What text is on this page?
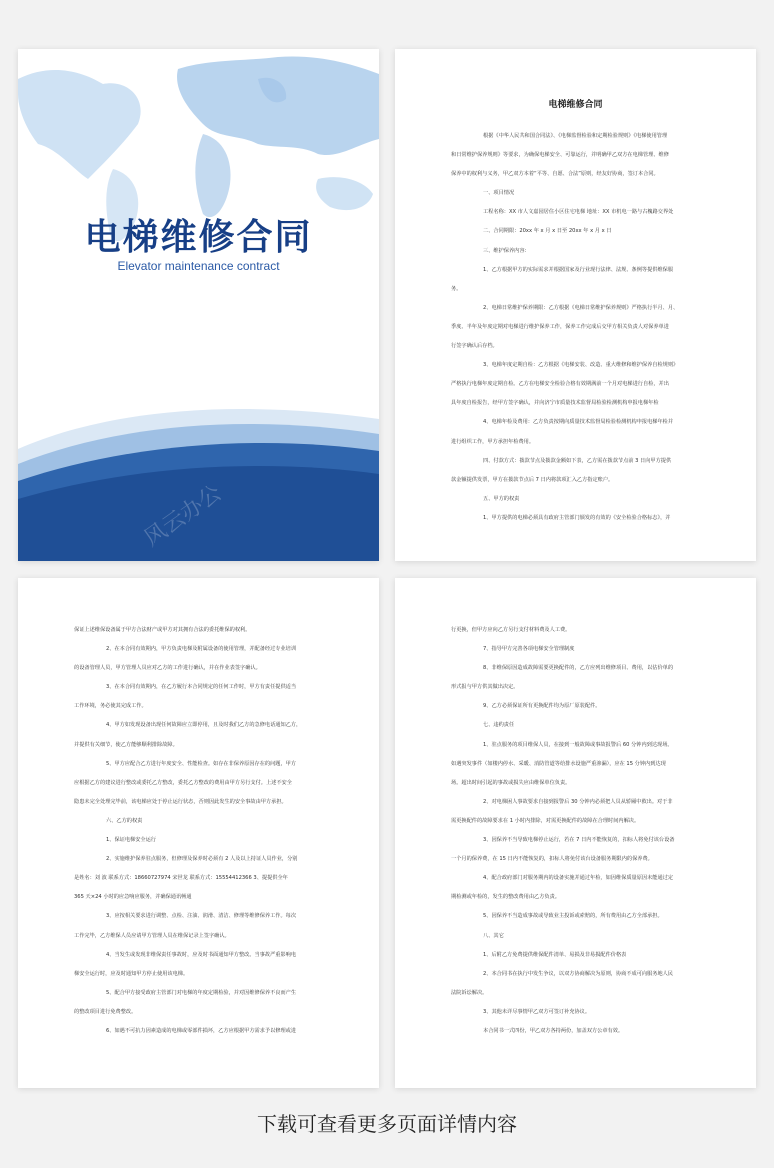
电梯维修合同

Elevator maintenance contract

风云办公
电梯维修合同
根据《中华人民共和国合同法》、《电梯监督检验和定期检验规则》《电梯使用管理
和日常维护保养规则》等要求，为确保电梯安全、可靠运行，并明确甲乙双方在电梯管理、维修
保养中的权利与义务，甲乙双方本着“平等、自愿、合法”原则，经友好协商，签订本合同。
一、项目情况
工程名称：XX 市人文嘉园居住小区住宅电梯 地址：XX 市机电一路与古槐路交界处
二、合同期限：20xx 年 x 月 x 日至 20xx 年 x 月 x 日
三、维护保养内容：
1、乙方根据甲方的实际需求并根据国家及行业现行法律、法规、条例等提供维保服
务。
2、电梯日常维护保养期限：乙方根据《电梯日常维护保养规则》严格执行半月、月、
季度、半年及年度定期对电梯进行维护保养工作，保养工作完成后交甲方相关负责人对保养单进
行签字确认后存档。
3、电梯年度定期自检：乙方根据《电梯安装、改造、重大维修和维护保养自检规则》
严格执行电梯年度定期自检。乙方在电梯安全检验合格有效期满前一个月对电梯进行自检，并出
具年度自检报告，经甲方签字确认，并向济宁市质量技术监督局检验检测机构申报电梯年检
4、电梯年检及费用：乙方负责按期向质量技术监督局检验检测机构申报电梯年检并
进行组织工作，甲方承担年检费用。
四、付款方式：拨款节点及拨款金额如下表，乙方需在拨款节点前 3 日向甲方提供
款金额提供发票，甲方在拨款节点后 7 日内将款项汇入乙方指定账户。
五、甲方的权责
1、甲方提供的电梯必须具有政府主管部门颁发的有效的《安全检验合格标志》，并
保证上述维保设备属于甲方合法财产或甲方对其拥有合法的委托维保的权利。
2、在本合同有效期内，甲方负责电梯及附属设备的使用管理，并配备经过专业培训
的设备管理人员，甲方管理人员应对乙方的工作进行确认，并在作业表签字确认。
3、在本合同有效期内，在乙方履行本合同规定的任何工作时，甲方有责任提供适当
工作环境，务必使其完成工作。
4、甲方如发现设备出现任何故障应立即停用，且及时我们乙方的急修电话通知乙方，
并提供有关细节，使乙方能够顺利排除故障。
5、甲方应配合乙方进行年度安全、性能检查。如存在非保养原因存在的问题，甲方
应根据乙方的建议进行整改或委托乙方整改，委托乙方整改的费用由甲方另行支付。上述不安全
隐患未完全处理完毕前，该电梯应处于停止运行状态，否则因此发生的安全事故由甲方承担。
六、乙方的权责
1、保证电梯安全运行
2、实施维护保养驻点服务，但修理及保养时必须有 2 人及以上持证人员作业，分别
是姓名：刘 波 联系方式：18660727974 宋世龙 联系方式：15554412366 3、提提供全年
365 天×24 小时的应急响应服务，并确保通讯畅通
3、应按相关要求进行调整、点检、注油、润滑、清洁、修理等维修保养工作。每次
工作完毕，乙方维保人员应请甲方管理人员在维保记录上签字确认。
4、当发生或发现非维保责任事故时，应及时书面通知甲方整改。当事故严重影响电
梯安全运行时，应及时通知甲方停止使用该电梯。
5、配合甲方接受政府主管部门对电梯的年度定期检验，并对因维修保养不良而产生
的整改项目进行免费整改。
6、如遇不可抗力因素造成的电梯或零部件损坏，乙方应根据甲方需求予以修理或进
行更换，但甲方应向乙方另行支付材料费及人工费。
7、指导甲方完善各项电梯安全管理制度
8、非维保原因造成故障需要更换配件的，乙方应列出维修项目、费用，以估价单的
形式报与甲方供其做出决定。
9、乙方必须保证所有更换配件均为原厂原装配件。
七、违约责任
1、驻点服务的项目维保人员，在接到一般故障或事故报警后 60 分钟内到达现场。
如遇突发事件（如楼内停水、采暖、消防管道等给排水设施严重渗漏），应在 15 分钟内到达现
场。超出时间引起的事故或损失应由维保单位负责。
2、对电梯困人事故要求自接到报警后 30 分钟内必须把人员从轿厢中救出。对于非
需更换配件的故障要求在 1 小时内排除，对需更换配件的故障在合理时间内解决。
3、因保养不当导致电梯停止运行，若在 7 日内不能恢复的，扣标人将免付该台设备
一个月的保养费，在 15 日内不能恢复的，扣标人将免付该台设备服务期限内的保养费。
4、配合政府部门对服务期内的设备实施并通过年检，如因维保质量原因未能通过定
期检测或年检的，发生的整改费用由乙方负责。
5、因保养不当造成事故或导致业主投诉或索赔的，所有费用由乙方全部承担。
八、其它
1、后附乙方免费提供维保配件清单、易损及非易损配件价格表
2、本合同书在执行中发生争议，以双方协商解决为原则，协商不成可向服务地人民
法院诉讼解决。
3、其他未详尽事情甲乙双方可签订补充协议。
本合同书一式四份，甲乙双方各持两份，加盖双方公章有效。

下载可查看更多页面详情内容
